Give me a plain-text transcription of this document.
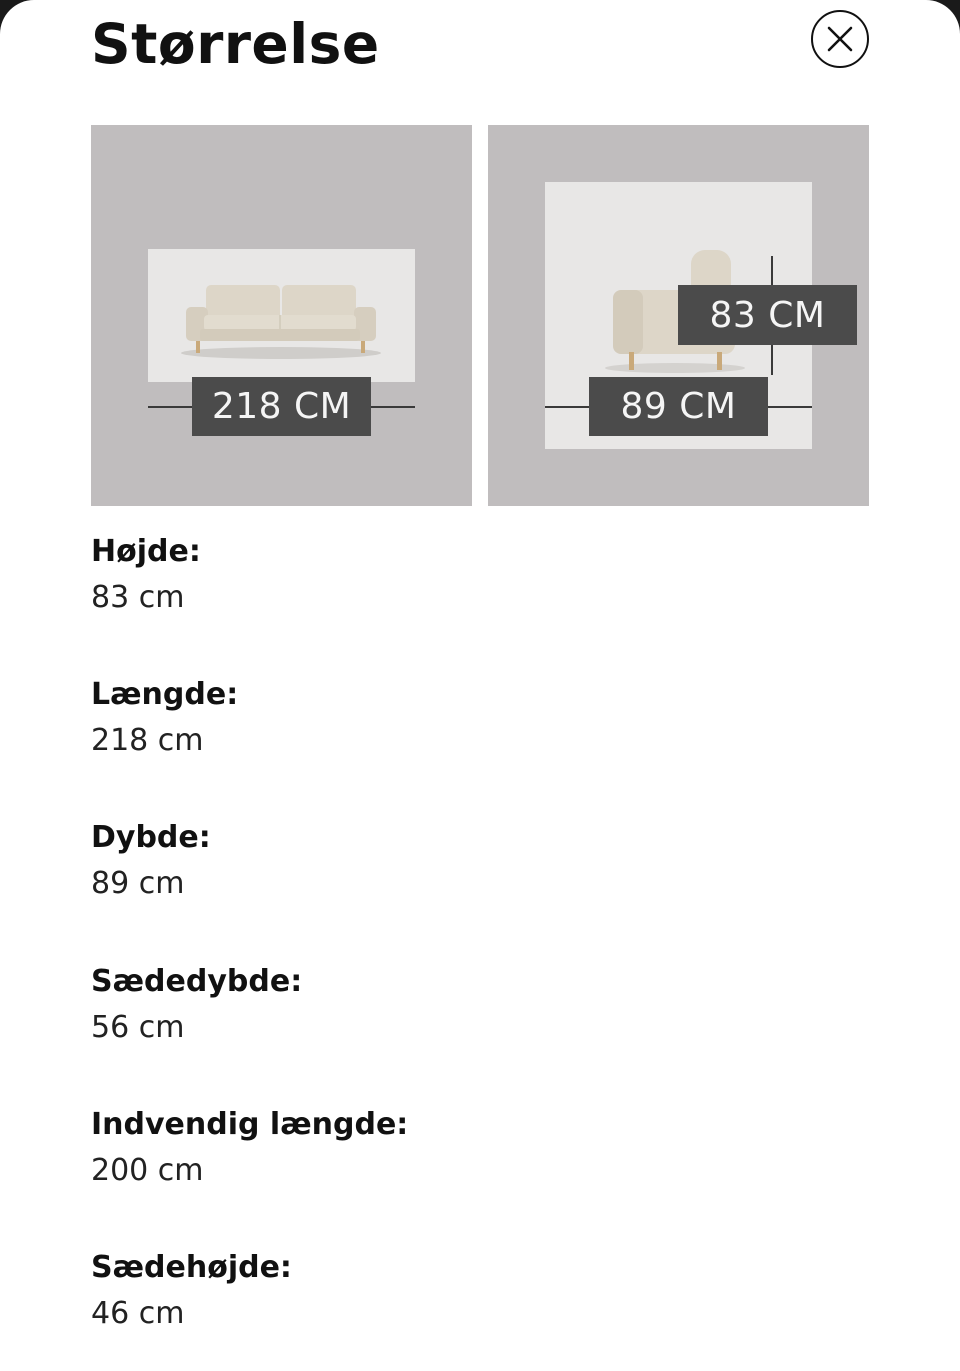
Størrelse
218 CM
83 CM
89 CM

Højde:

83 cm

Længde:

218 cm

Dybde:

89 cm

Sædedybde:

56 cm

Indvendig længde:

200 cm

Sædehøjde:

46 cm
